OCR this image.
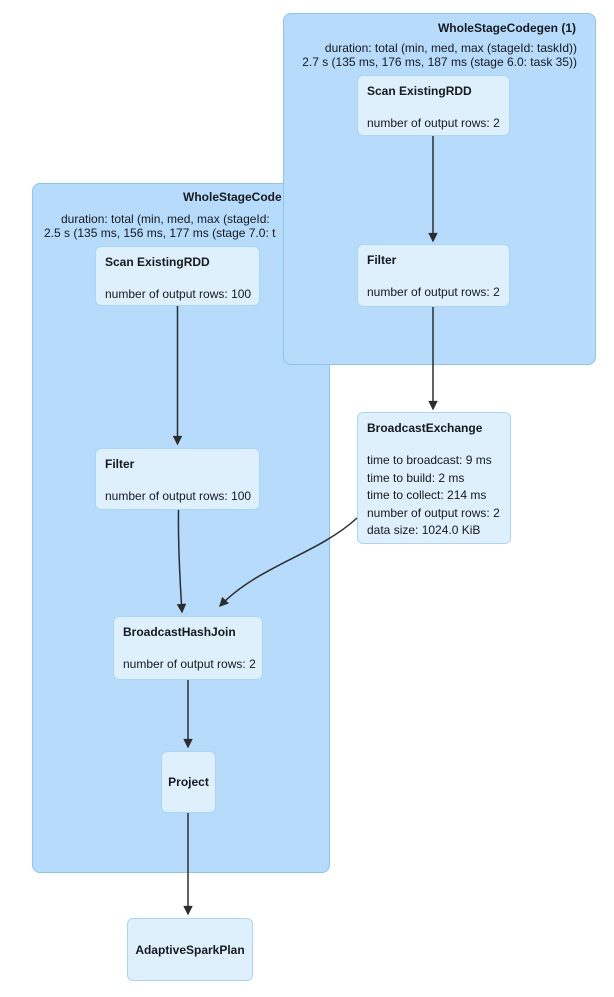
WholeStageCode
duration: total (min, med, max (stageId:
2.5 s (135 ms, 156 ms, 177 ms (stage 7.0: t
WholeStageCodegen (1)
duration: total (min, med, max (stageId: taskId))
2.7 s (135 ms, 176 ms, 187 ms (stage 6.0: task 35))
Scan ExistingRDD
number of output rows: 2
Filter
number of output rows: 2
Scan ExistingRDD
number of output rows: 100
Filter
number of output rows: 100
BroadcastExchange
time to broadcast: 9 ms
time to build: 2 ms
time to collect: 214 ms
number of output rows: 2
data size: 1024.0 KiB
BroadcastHashJoin
number of output rows: 2
Project
AdaptiveSparkPlan
